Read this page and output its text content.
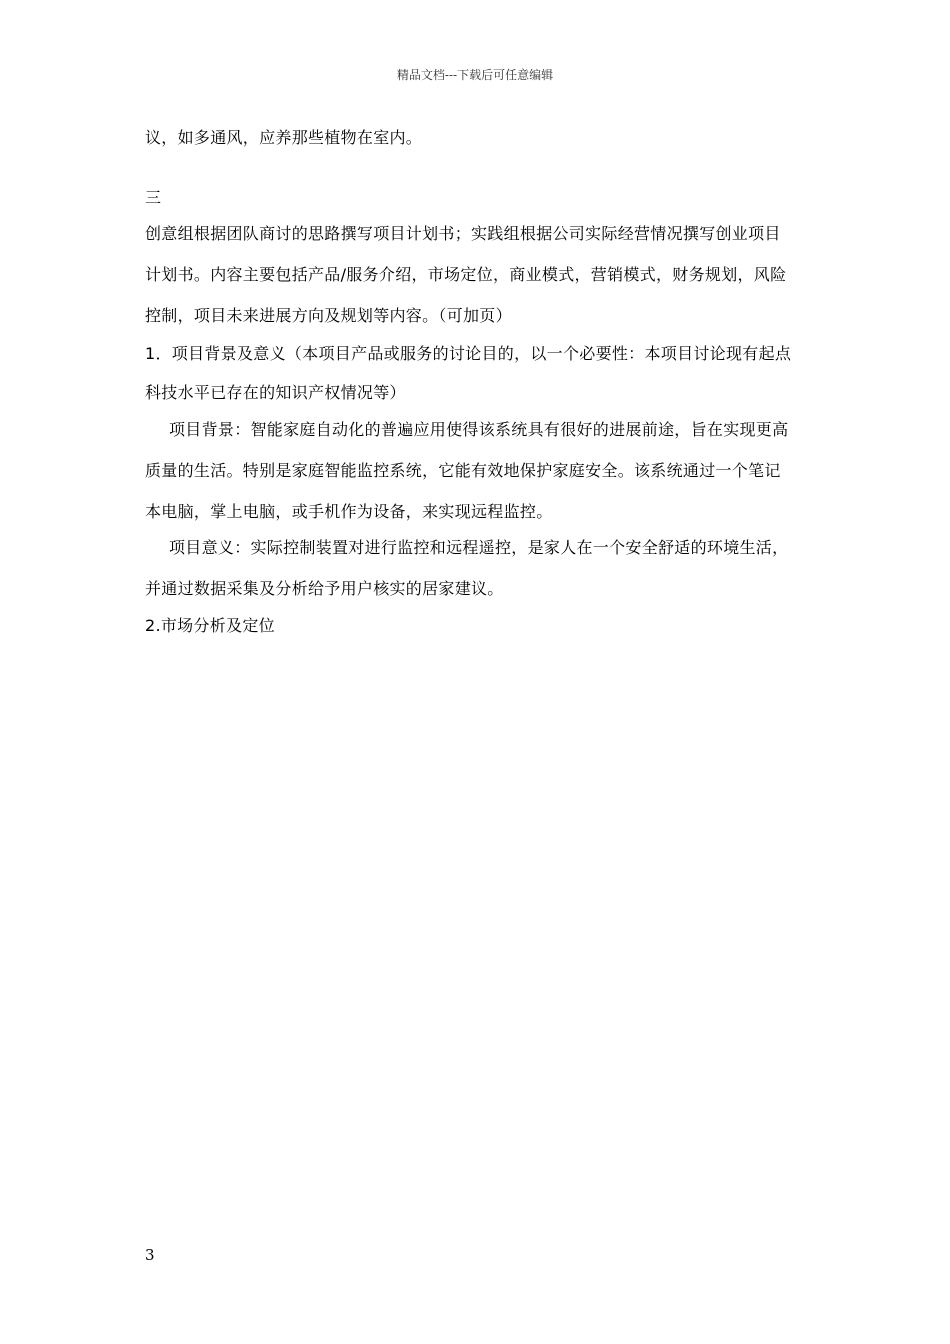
精品文档---下载后可任意编辑
议，如多通风，应养那些植物在室内。
三
创意组根据团队商讨的思路撰写项目计划书；实践组根据公司实际经营情况撰写创业项目
计划书。内容主要包括产品/服务介绍，市场定位，商业模式，营销模式，财务规划，风险
控制，项目未来进展方向及规划等内容。（可加页）
1．项目背景及意义（本项目产品或服务的讨论目的，以一个必要性：本项目讨论现有起点
科技水平已存在的知识产权情况等）
项目背景：智能家庭自动化的普遍应用使得该系统具有很好的进展前途，旨在实现更高
质量的生活。特别是家庭智能监控系统，它能有效地保护家庭安全。该系统通过一个笔记
本电脑，掌上电脑，或手机作为设备，来实现远程监控。
项目意义：实际控制装置对进行监控和远程遥控，是家人在一个安全舒适的环境生活，
并通过数据采集及分析给予用户核实的居家建议。
2.市场分析及定位
3
